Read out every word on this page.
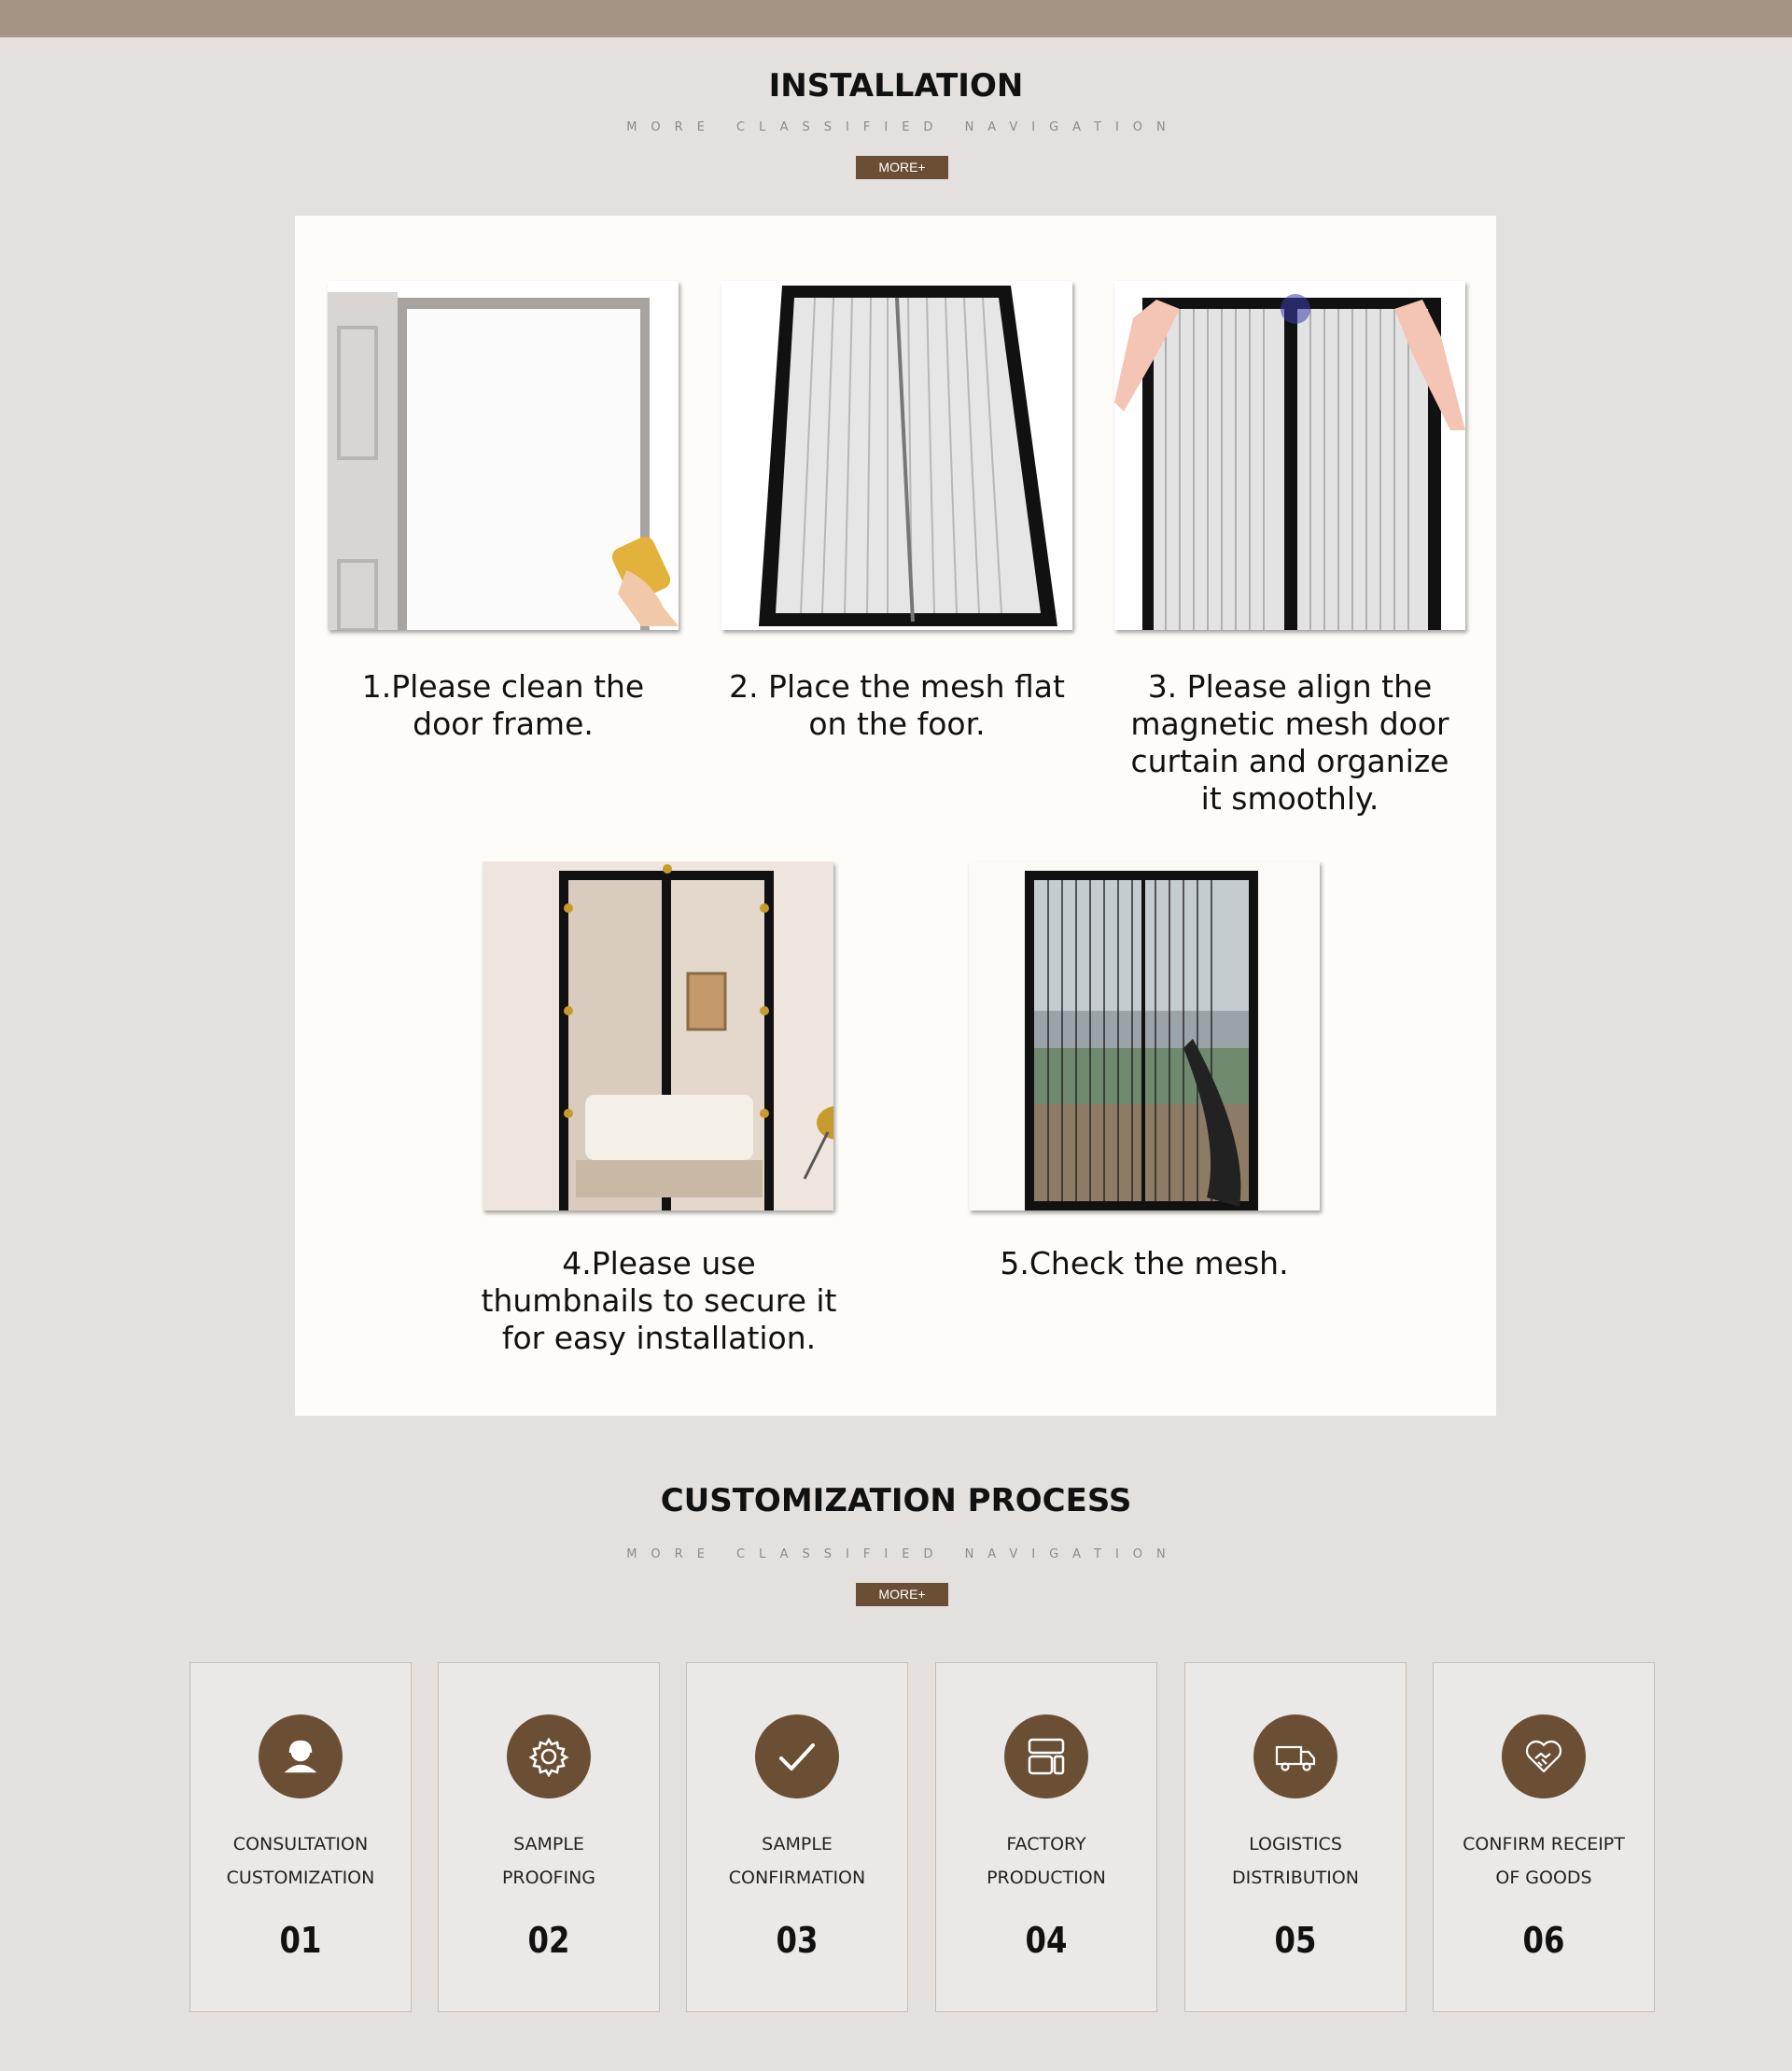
INSTALLATION
MORE CLASSIFIED NAVIGATION
MORE+
1.Please clean the
door frame.
2. Place the mesh flat
on the foor.
3. Please align the
magnetic mesh door
curtain and organize
it smoothly.
4.Please use
thumbnails to secure it
for easy installation.
5.Check the mesh.
CUSTOMIZATION PROCESS
MORE CLASSIFIED NAVIGATION
MORE+
CONSULTATION
CUSTOMIZATION
01
SAMPLE
PROOFING
02
SAMPLE
CONFIRMATION
03
FACTORY
PRODUCTION
04
LOGISTICS
DISTRIBUTION
05
CONFIRM RECEIPT
OF GOODS
06
